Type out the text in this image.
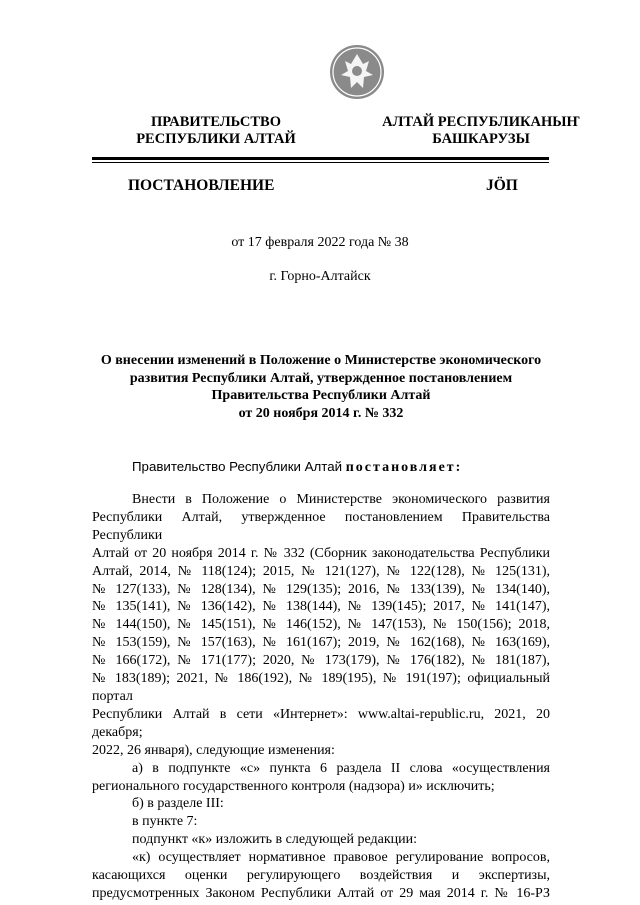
ПРАВИТЕЛЬСТВО
РЕСПУБЛИКИ АЛТАЙ
АЛТАЙ РЕСПУБЛИКАНЫҤ
БАШКАРУЗЫ
ПОСТАНОВЛЕНИЕ	JÖП
от 17 февраля 2022 года № 38
г. Горно-Алтайск
О внесении изменений в Положение о Министерстве экономического
развития Республики Алтай, утвержденное постановлением
Правительства Республики Алтай
от 20 ноября 2014 г. № 332
Правительство Республики Алтай постановляет:

Внести в Положение о Министерстве экономического развития

Республики Алтай, утвержденное постановлением Правительства Республики

Алтай от 20 ноября 2014 г. № 332 (Сборник законодательства Республики

Алтай, 2014, № 118(124); 2015, № 121(127), № 122(128), № 125(131),

№ 127(133), № 128(134), № 129(135); 2016, № 133(139), № 134(140),

№ 135(141), № 136(142), № 138(144), № 139(145); 2017, № 141(147),

№ 144(150), № 145(151), № 146(152), № 147(153), № 150(156); 2018,

№ 153(159), № 157(163), № 161(167); 2019, № 162(168), № 163(169),

№ 166(172), № 171(177); 2020, № 173(179), № 176(182), № 181(187),

№ 183(189); 2021, № 186(192), № 189(195), № 191(197); официальный портал

Республики Алтай в сети «Интернет»: www.altai-republic.ru, 2021, 20 декабря;

2022, 26 января), следующие изменения:

а) в подпункте «с» пункта 6 раздела II слова «осуществления

регионального государственного контроля (надзора) и» исключить;

б) в разделе III:

в пункте 7:

подпункт «к» изложить в следующей редакции:

«к) осуществляет нормативное правовое регулирование вопросов,

касающихся оценки регулирующего воздействия и экспертизы,

предусмотренных Законом Республики Алтай от 29 мая 2014 г. № 16-РЗ
